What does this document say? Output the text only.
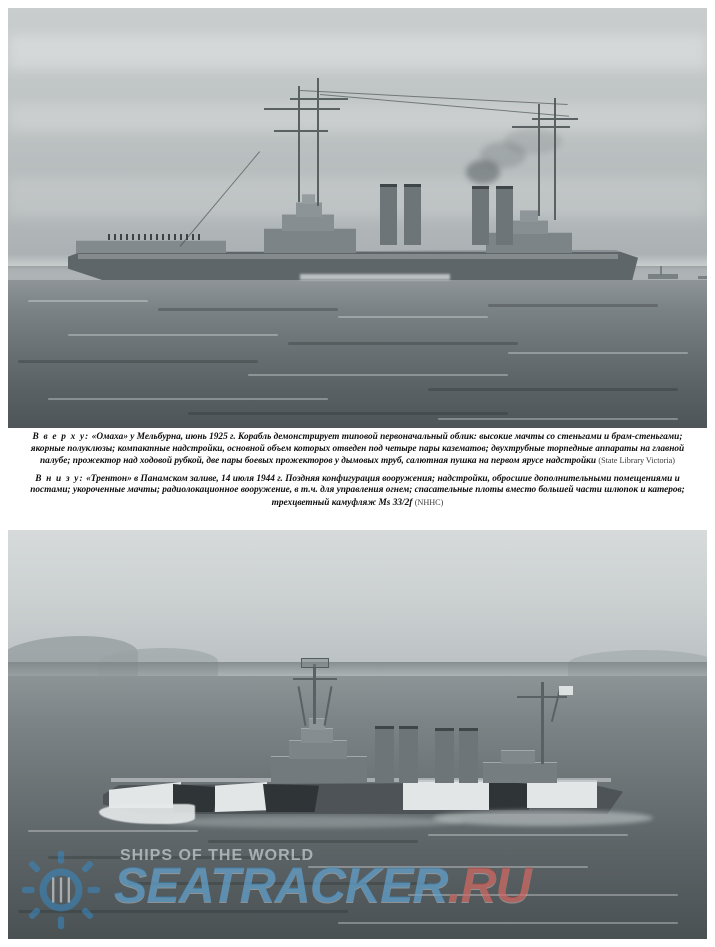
В в е р х у: «Омаха» у Мельбурна, июнь 1925 г. Корабль демонстрирует типовой первоначальный облик: высокие мачты со стеньгами и брам-стеньгами; якорные полуклюзы; компактные надстройки, основной объем которых отведен под четыре пары казематов; двухтрубные торпедные аппараты на главной палубе; прожектор над ходовой рубкой, две пары боевых прожекторов у дымовых труб, салютная пушка на первом ярусе надстройки (State Library Victoria)

В н и з у: «Трентон» в Панамском заливе, 14 июля 1944 г. Поздняя конфигурация вооружения; надстройки, обросшие дополнительными помещениями и постами; укороченные мачты; радиолокационное вооружение, в т.ч. для управления огнем; спасательные плоты вместо большей части шлюпок и катеров; трехцветный камуфляж Ms 33/2f (NHHC)

SHIPS OF THE WORLD
SEATRACKER.RU
